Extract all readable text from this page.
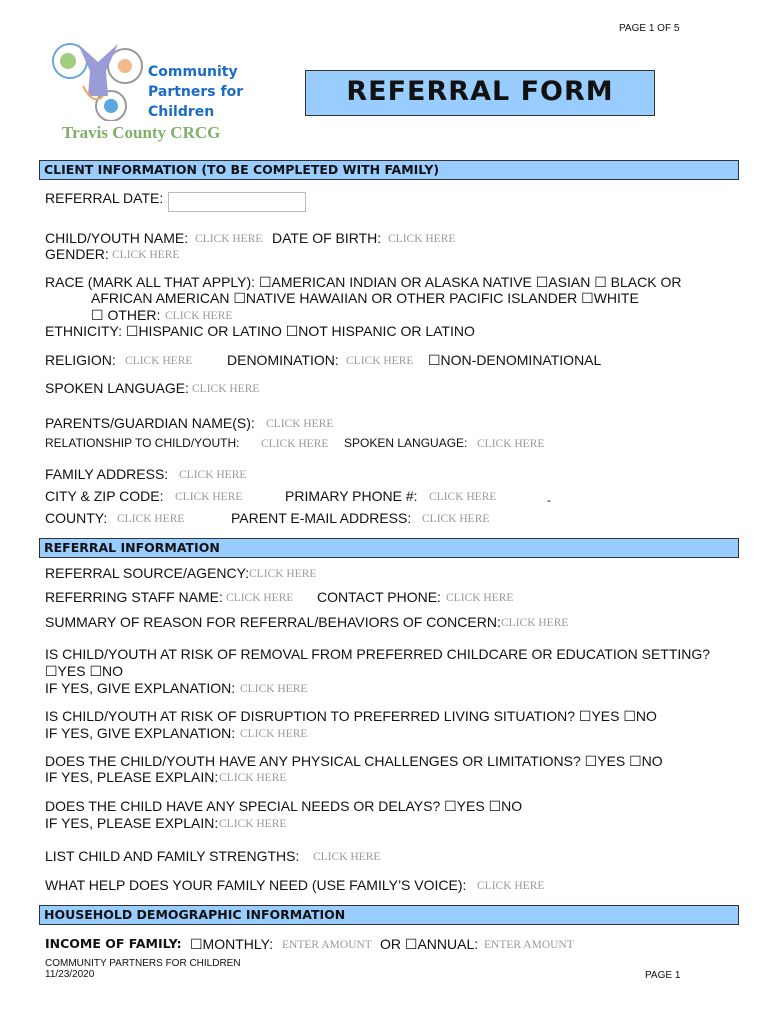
PAGE 1 OF 5
Community
Partners for
Children
Travis County CRCG
REFERRAL FORM
CLIENT INFORMATION (TO BE COMPLETED WITH FAMILY)
REFERRAL DATE:
CHILD/YOUTH NAME: CLICK HERE DATE OF BIRTH: CLICK HERE
GENDER: CLICK HERE
RACE (MARK ALL THAT APPLY): ☐AMERICAN INDIAN OR ALASKA NATIVE ☐ASIAN ☐ BLACK OR
AFRICAN AMERICAN ☐NATIVE HAWAIIAN OR OTHER PACIFIC ISLANDER ☐WHITE
☐ OTHER: CLICK HERE
ETHNICITY: ☐HISPANIC OR LATINO ☐NOT HISPANIC OR LATINO
RELIGION: CLICK HERE DENOMINATION: CLICK HERE ☐NON-DENOMINATIONAL
SPOKEN LANGUAGE: CLICK HERE
PARENTS/GUARDIAN NAME(S): CLICK HERE
RELATIONSHIP TO CHILD/YOUTH: CLICK HERE SPOKEN LANGUAGE: CLICK HERE
FAMILY ADDRESS: CLICK HERE
CITY & ZIP CODE: CLICK HERE	PRIMARY PHONE #: CLICK HERE	-
COUNTY: CLICK HERE	PARENT E-MAIL ADDRESS: CLICK HERE
REFERRAL INFORMATION
REFERRAL SOURCE/AGENCY: CLICK HERE
REFERRING STAFF NAME: CLICK HERE CONTACT PHONE: CLICK HERE
SUMMARY OF REASON FOR REFERRAL/BEHAVIORS OF CONCERN: CLICK HERE
IS CHILD/YOUTH AT RISK OF REMOVAL FROM PREFERRED CHILDCARE OR EDUCATION SETTING?
☐YES ☐NO
IF YES, GIVE EXPLANATION: CLICK HERE
IS CHILD/YOUTH AT RISK OF DISRUPTION TO PREFERRED LIVING SITUATION? ☐YES ☐NO
IF YES, GIVE EXPLANATION: CLICK HERE
DOES THE CHILD/YOUTH HAVE ANY PHYSICAL CHALLENGES OR LIMITATIONS? ☐YES ☐NO
IF YES, PLEASE EXPLAIN: CLICK HERE
DOES THE CHILD HAVE ANY SPECIAL NEEDS OR DELAYS? ☐YES ☐NO
IF YES, PLEASE EXPLAIN: CLICK HERE
LIST CHILD AND FAMILY STRENGTHS: CLICK HERE
WHAT HELP DOES YOUR FAMILY NEED (USE FAMILY’S VOICE): CLICK HERE
HOUSEHOLD DEMOGRAPHIC INFORMATION
INCOME OF FAMILY: ☐MONTHLY: ENTER AMOUNT OR ☐ANNUAL: ENTER AMOUNT
COMMUNITY PARTNERS FOR CHILDREN
11/23/2020	PAGE 1
